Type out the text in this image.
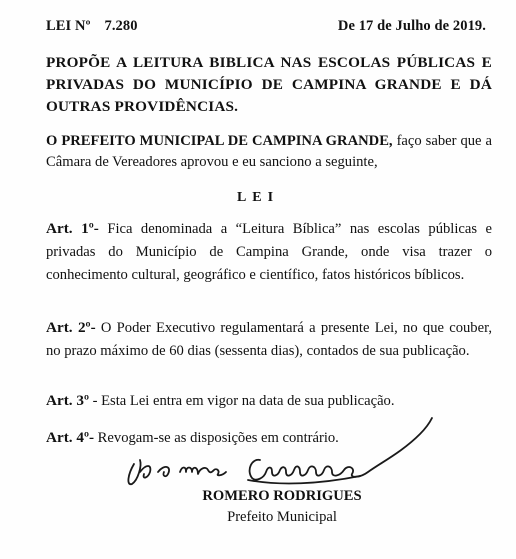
LEI Nº 7.280	De 17 de Julho de 2019.
PROPÕE A LEITURA BIBLICA NAS ESCOLAS PÚBLICAS E PRIVADAS DO MUNICÍPIO DE CAMPINA GRANDE E DÁ OUTRAS PROVIDÊNCIAS.
O PREFEITO MUNICIPAL DE CAMPINA GRANDE, faço saber que a Câmara de Vereadores aprovou e eu sanciono a seguinte,
LEI
Art. 1º- Fica denominada a “Leitura Bíblica” nas escolas públicas e privadas do Município de Campina Grande, onde visa trazer o conhecimento cultural, geográfico e científico, fatos históricos bíblicos.
Art. 2º- O Poder Executivo regulamentará a presente Lei, no que couber, no prazo máximo de 60 dias (sessenta dias), contados de sua publicação.
Art. 3º - Esta Lei entra em vigor na data de sua publicação.
Art. 4º- Revogam-se as disposições em contrário.
ROMERO RODRIGUES
Prefeito Municipal
